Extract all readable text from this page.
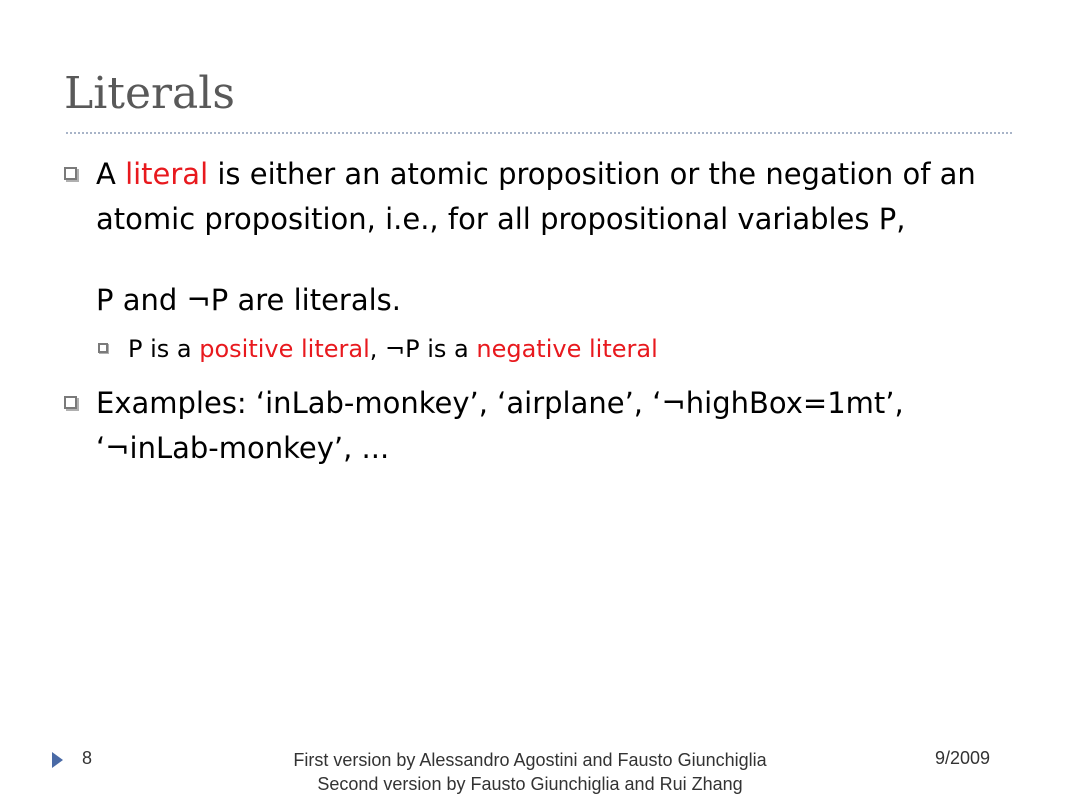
Literals
A literal is either an atomic proposition or the negation of an atomic proposition, i.e., for all propositional variables P,
P and ¬P are literals.
P is a positive literal, ¬P is a negative literal
Examples: ‘inLab-monkey’, ‘airplane’, ‘¬highBox=1mt’, ‘¬inLab-monkey’, ...
8	First version by Alessandro Agostini and Fausto Giunchiglia
Second version by Fausto Giunchiglia and Rui Zhang
9/2009
